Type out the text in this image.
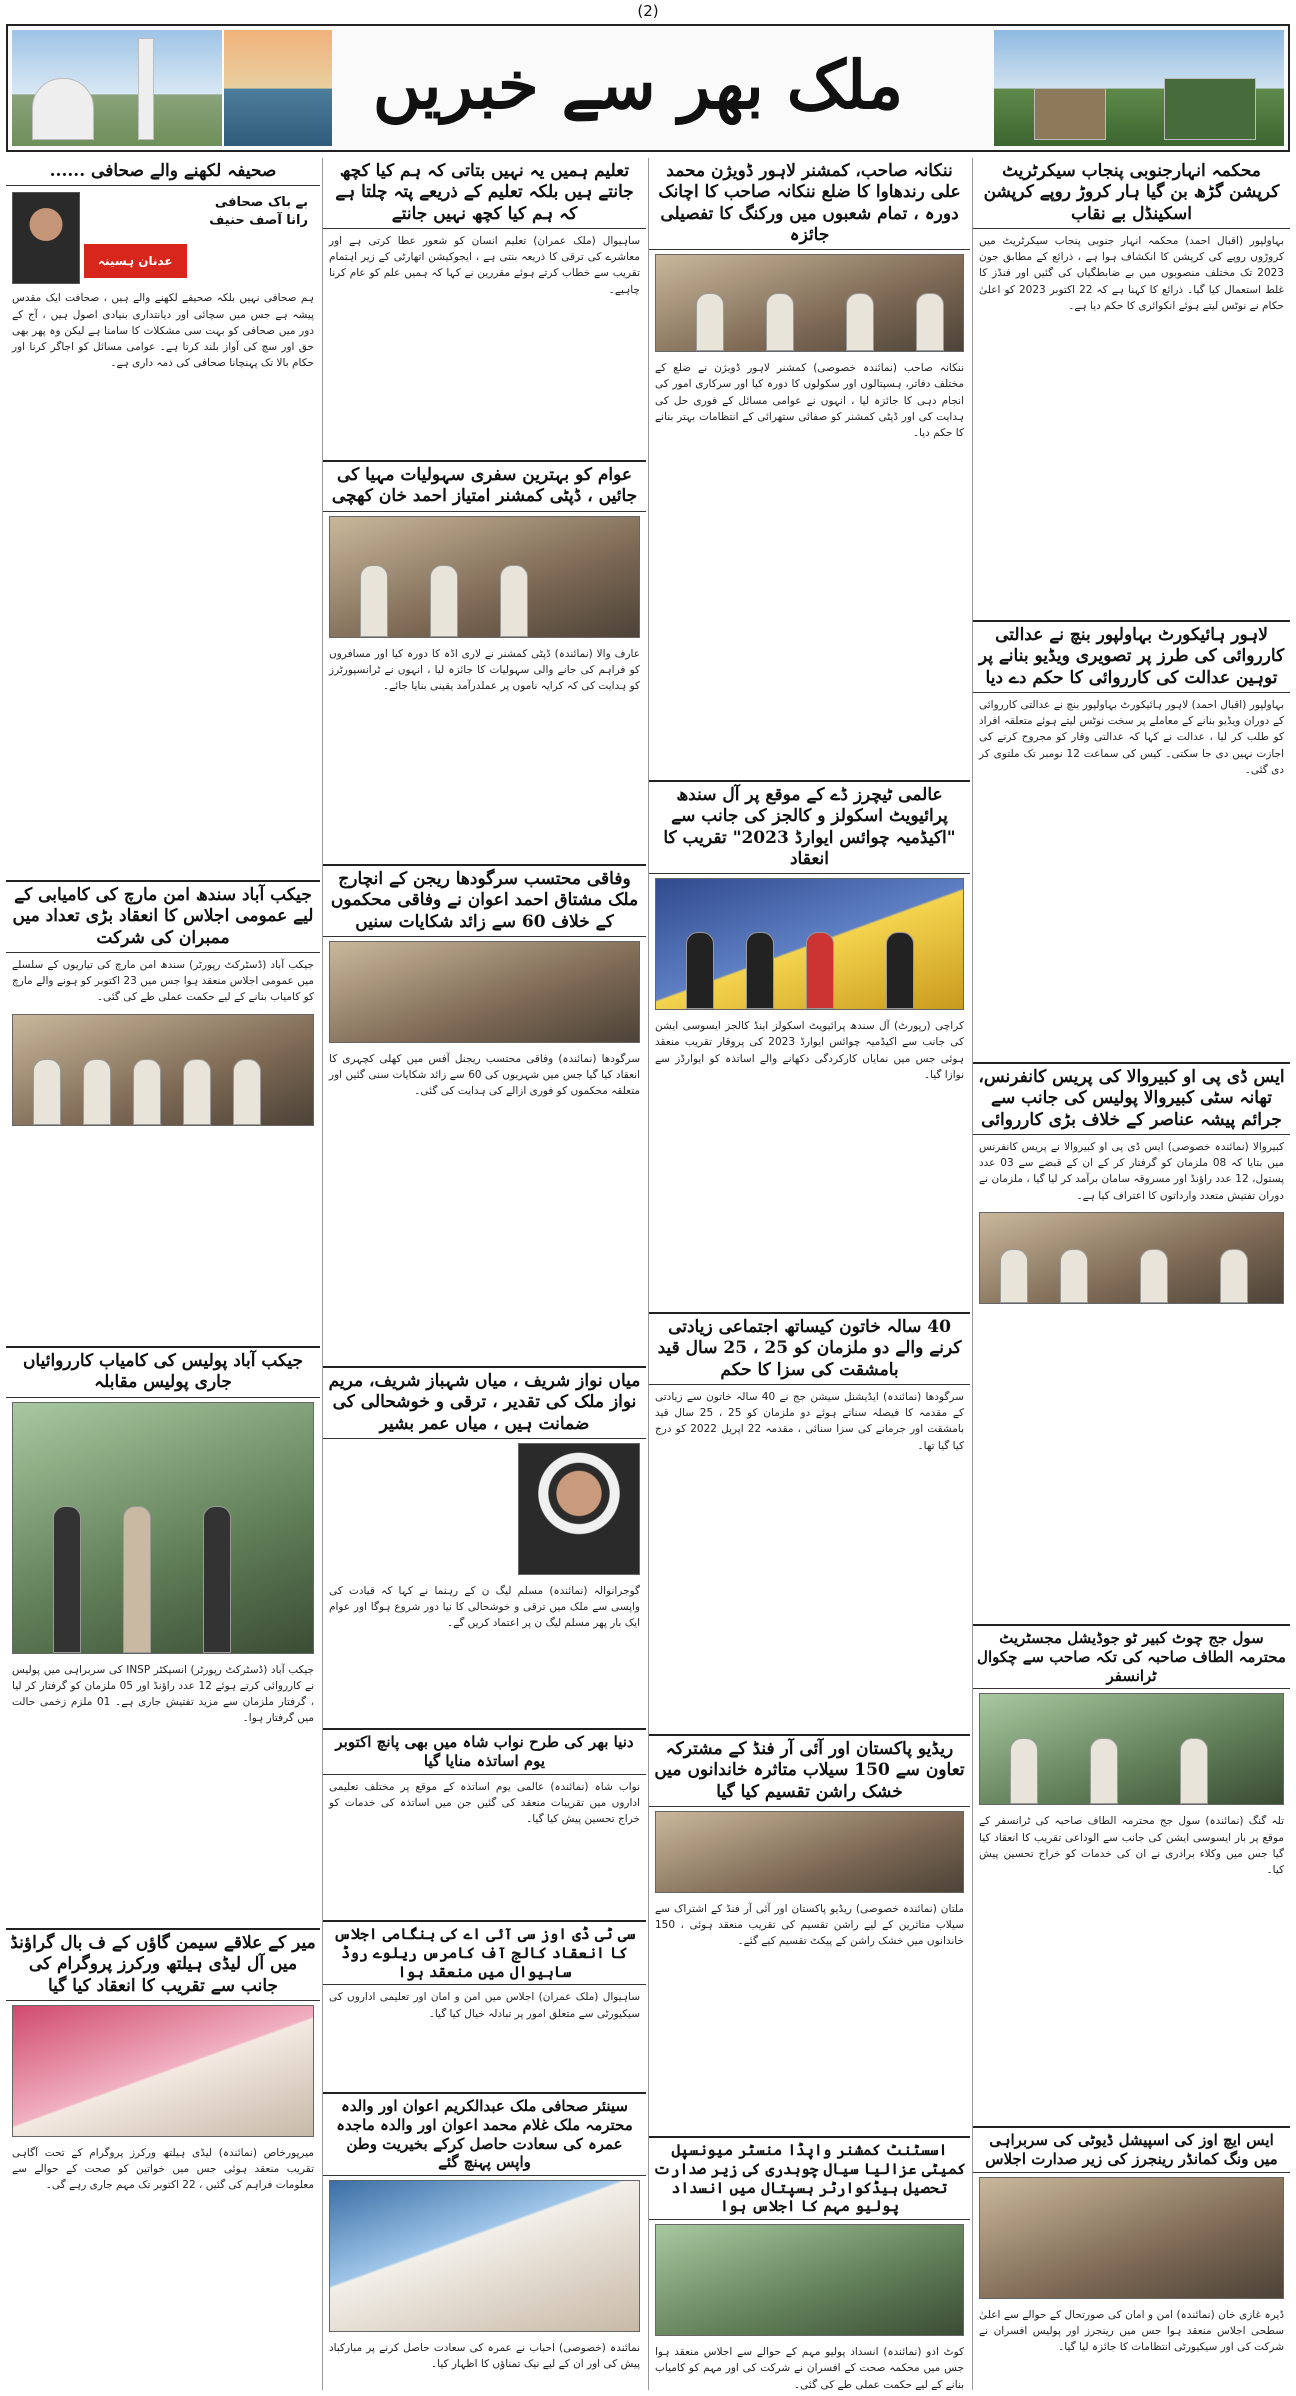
(2)
ملک بھر سے خبریں
محکمہ انہارجنوبی پنجاب سیکرٹریٹ کرپشن گڑھ بن گیا ہار کروڑ روپے کرپشن اسکینڈل بے نقاب
بہاولپور (اقبال احمد) محکمہ انہار جنوبی پنجاب سیکرٹریٹ میں کروڑوں روپے کی کرپشن کا انکشاف ہوا ہے ، ذرائع کے مطابق جون 2023 تک مختلف منصوبوں میں بے ضابطگیاں کی گئیں اور فنڈز کا غلط استعمال کیا گیا۔ ذرائع کا کہنا ہے کہ 22 اکتوبر 2023 کو اعلیٰ حکام نے نوٹس لیتے ہوئے انکوائری کا حکم دیا ہے۔
لاہور ہائیکورٹ بہاولپور بنچ نے عدالتی کارروائی کی طرز پر تصویری ویڈیو بنانے پر توہین عدالت کی کارروائی کا حکم دے دیا
بہاولپور (اقبال احمد) لاہور ہائیکورٹ بہاولپور بنچ نے عدالتی کارروائی کے دوران ویڈیو بنانے کے معاملے پر سخت نوٹس لیتے ہوئے متعلقہ افراد کو طلب کر لیا ، عدالت نے کہا کہ عدالتی وقار کو مجروح کرنے کی اجازت نہیں دی جا سکتی۔ کیس کی سماعت 12 نومبر تک ملتوی کر دی گئی۔
ایس ڈی پی او کبیروالا کی پریس کانفرنس، تھانہ سٹی کبیروالا پولیس کی جانب سے جرائم پیشہ عناصر کے خلاف بڑی کارروائی
کبیروالا (نمائندہ خصوصی) ایس ڈی پی او کبیروالا نے پریس کانفرنس میں بتایا کہ 08 ملزمان کو گرفتار کر کے ان کے قبضے سے 03 عدد پستول، 12 عدد راؤنڈ اور مسروقہ سامان برآمد کر لیا گیا ، ملزمان نے دوران تفتیش متعدد وارداتوں کا اعتراف کیا ہے۔
سول جج چوٹ کبیر ٹو جوڈیشل مجسٹریٹ محترمہ الطاف صاحبہ کی تکہ صاحب سے چکوال ٹرانسفر
تلہ گنگ (نمائندہ) سول جج محترمہ الطاف صاحبہ کی ٹرانسفر کے موقع پر بار ایسوسی ایشن کی جانب سے الوداعی تقریب کا انعقاد کیا گیا جس میں وکلاء برادری نے ان کی خدمات کو خراج تحسین پیش کیا۔
ایس ایچ اوز کی اسپیشل ڈیوٹی کی سربراہی میں ونگ کمانڈر رینجرز کی زیر صدارت اجلاس
ڈیرہ غازی خان (نمائندہ) امن و امان کی صورتحال کے حوالے سے اعلیٰ سطحی اجلاس منعقد ہوا جس میں رینجرز اور پولیس افسران نے شرکت کی اور سیکیورٹی انتظامات کا جائزہ لیا گیا۔
ننکانہ صاحب، کمشنر لاہور ڈویژن محمد علی رندھاوا کا ضلع ننکانہ صاحب کا اچانک دورہ ، تمام شعبوں میں ورکنگ کا تفصیلی جائزہ
ننکانہ صاحب (نمائندہ خصوصی) کمشنر لاہور ڈویژن نے ضلع کے مختلف دفاتر، ہسپتالوں اور سکولوں کا دورہ کیا اور سرکاری امور کی انجام دہی کا جائزہ لیا ، انہوں نے عوامی مسائل کے فوری حل کی ہدایت کی اور ڈپٹی کمشنر کو صفائی ستھرائی کے انتظامات بہتر بنانے کا حکم دیا۔
عالمی ٹیچرز ڈے کے موقع پر آل سندھ پرائیویٹ اسکولز و کالجز کی جانب سے "اکیڈمیہ چوائس ایوارڈ 2023" تقریب کا انعقاد
کراچی (رپورٹ) آل سندھ پرائیویٹ اسکولز اینڈ کالجز ایسوسی ایشن کی جانب سے اکیڈمیہ چوائس ایوارڈ 2023 کی پروقار تقریب منعقد ہوئی جس میں نمایاں کارکردگی دکھانے والے اساتذہ کو ایوارڈز سے نوازا گیا۔
40 سالہ خاتون کیساتھ اجتماعی زیادتی کرنے والے دو ملزمان کو 25 ، 25 سال قید بامشقت کی سزا کا حکم
سرگودھا (نمائندہ) ایڈیشنل سیشن جج نے 40 سالہ خاتون سے زیادتی کے مقدمہ کا فیصلہ سناتے ہوئے دو ملزمان کو 25 ، 25 سال قید بامشقت اور جرمانے کی سزا سنائی ، مقدمہ 22 اپریل 2022 کو درج کیا گیا تھا۔
ریڈیو پاکستان اور آئی آر فنڈ کے مشترکہ تعاون سے 150 سیلاب متاثرہ خاندانوں میں خشک راشن تقسیم کیا گیا
ملتان (نمائندہ خصوصی) ریڈیو پاکستان اور آئی آر فنڈ کے اشتراک سے سیلاب متاثرین کے لیے راشن تقسیم کی تقریب منعقد ہوئی ، 150 خاندانوں میں خشک راشن کے پیکٹ تقسیم کیے گئے۔
اسسٹنٹ کمشنر واپڈا منسٹر میونسپل کمیٹی عزالیا سیال چوہدری کی زیر صدارت تحصیل ہیڈکوارٹر ہسپتال میں انسداد پولیو مہم کا اجلاس ہوا
کوٹ ادو (نمائندہ) انسداد پولیو مہم کے حوالے سے اجلاس منعقد ہوا جس میں محکمہ صحت کے افسران نے شرکت کی اور مہم کو کامیاب بنانے کے لیے حکمت عملی طے کی گئی۔
تعلیم ہمیں یہ نہیں بتاتی کہ ہم کیا کچھ جانتے ہیں بلکہ تعلیم کے ذریعے پتہ چلتا ہے کہ ہم کیا کچھ نہیں جانتے
ساہیوال (ملک عمران) تعلیم انسان کو شعور عطا کرتی ہے اور معاشرے کی ترقی کا ذریعہ بنتی ہے ، ایجوکیشن اتھارٹی کے زیر اہتمام تقریب سے خطاب کرتے ہوئے مقررین نے کہا کہ ہمیں علم کو عام کرنا چاہیے۔
عوام کو بہترین سفری سہولیات مہیا کی جائیں ، ڈپٹی کمشنر امتیاز احمد خان کھچی
عارف والا (نمائندہ) ڈپٹی کمشنر نے لاری اڈہ کا دورہ کیا اور مسافروں کو فراہم کی جانے والی سہولیات کا جائزہ لیا ، انہوں نے ٹرانسپورٹرز کو ہدایت کی کہ کرایہ ناموں پر عملدرآمد یقینی بنایا جائے۔
وفاقی محتسب سرگودھا ریجن کے انچارج ملک مشتاق احمد اعوان نے وفاقی محکموں کے خلاف 60 سے زائد شکایات سنیں
سرگودھا (نمائندہ) وفاقی محتسب ریجنل آفس میں کھلی کچہری کا انعقاد کیا گیا جس میں شہریوں کی 60 سے زائد شکایات سنی گئیں اور متعلقہ محکموں کو فوری ازالے کی ہدایت کی گئی۔
میاں نواز شریف ، میاں شہباز شریف، مریم نواز ملک کی تقدیر ، ترقی و خوشحالی کی ضمانت ہیں ، میاں عمر بشیر
گوجرانوالہ (نمائندہ) مسلم لیگ ن کے رہنما نے کہا کہ قیادت کی واپسی سے ملک میں ترقی و خوشحالی کا نیا دور شروع ہوگا اور عوام ایک بار پھر مسلم لیگ ن پر اعتماد کریں گے۔
دنیا بھر کی طرح نواب شاہ میں بھی پانچ اکتوبر یوم اساتذہ منایا گیا
نواب شاہ (نمائندہ) عالمی یوم اساتذہ کے موقع پر مختلف تعلیمی اداروں میں تقریبات منعقد کی گئیں جن میں اساتذہ کی خدمات کو خراج تحسین پیش کیا گیا۔
سی ٹی ڈی اوز سی آئی اے کی بنگامی اجلاس کا انعقاد کالج آف کامرس ریلوے روڈ ساہیوال میں منعقد ہوا
ساہیوال (ملک عمران) اجلاس میں امن و امان اور تعلیمی اداروں کی سیکیورٹی سے متعلق امور پر تبادلہ خیال کیا گیا۔
سینئر صحافی ملک عبدالکریم اعوان اور والدہ محترمہ ملک غلام محمد اعوان اور والدہ ماجدہ عمرہ کی سعادت حاصل کرکے بخیریت وطن واپس پہنچ گئے
نمائندہ (خصوصی) احباب نے عمرہ کی سعادت حاصل کرنے پر مبارکباد پیش کی اور ان کے لیے نیک تمناؤں کا اظہار کیا۔
صحیفہ لکھنے والے صحافی ......
بے باک صحافی
رانا آصف حنیف
عدنان ہسینہ
ہم صحافی نہیں بلکہ صحیفے لکھنے والے ہیں ، صحافت ایک مقدس پیشہ ہے جس میں سچائی اور دیانتداری بنیادی اصول ہیں ، آج کے دور میں صحافی کو بہت سی مشکلات کا سامنا ہے لیکن وہ پھر بھی حق اور سچ کی آواز بلند کرتا ہے۔ عوامی مسائل کو اجاگر کرنا اور حکام بالا تک پہنچانا صحافی کی ذمہ داری ہے۔
جیکب آباد سندھ امن مارچ کی کامیابی کے لیے عمومی اجلاس کا انعقاد بڑی تعداد میں ممبران کی شرکت
جیکب آباد (ڈسٹرکٹ رپورٹر) سندھ امن مارچ کی تیاریوں کے سلسلے میں عمومی اجلاس منعقد ہوا جس میں 23 اکتوبر کو ہونے والے مارچ کو کامیاب بنانے کے لیے حکمت عملی طے کی گئی۔
جیکب آباد پولیس کی کامیاب کارروائیاں جاری پولیس مقابلہ
جیکب آباد (ڈسٹرکٹ رپورٹر) انسپکٹر INSP کی سربراہی میں پولیس نے کارروائی کرتے ہوئے 12 عدد راؤنڈ اور 05 ملزمان کو گرفتار کر لیا ، گرفتار ملزمان سے مزید تفتیش جاری ہے۔ 01 ملزم زخمی حالت میں گرفتار ہوا۔
میر کے علاقے سیمن گاؤں کے ف بال گراؤنڈ میں آل لیڈی ہیلتھ ورکرز پروگرام کی جانب سے تقریب کا انعقاد کیا گیا
میرپورخاص (نمائندہ) لیڈی ہیلتھ ورکرز پروگرام کے تحت آگاہی تقریب منعقد ہوئی جس میں خواتین کو صحت کے حوالے سے معلومات فراہم کی گئیں ، 22 اکتوبر تک مہم جاری رہے گی۔
